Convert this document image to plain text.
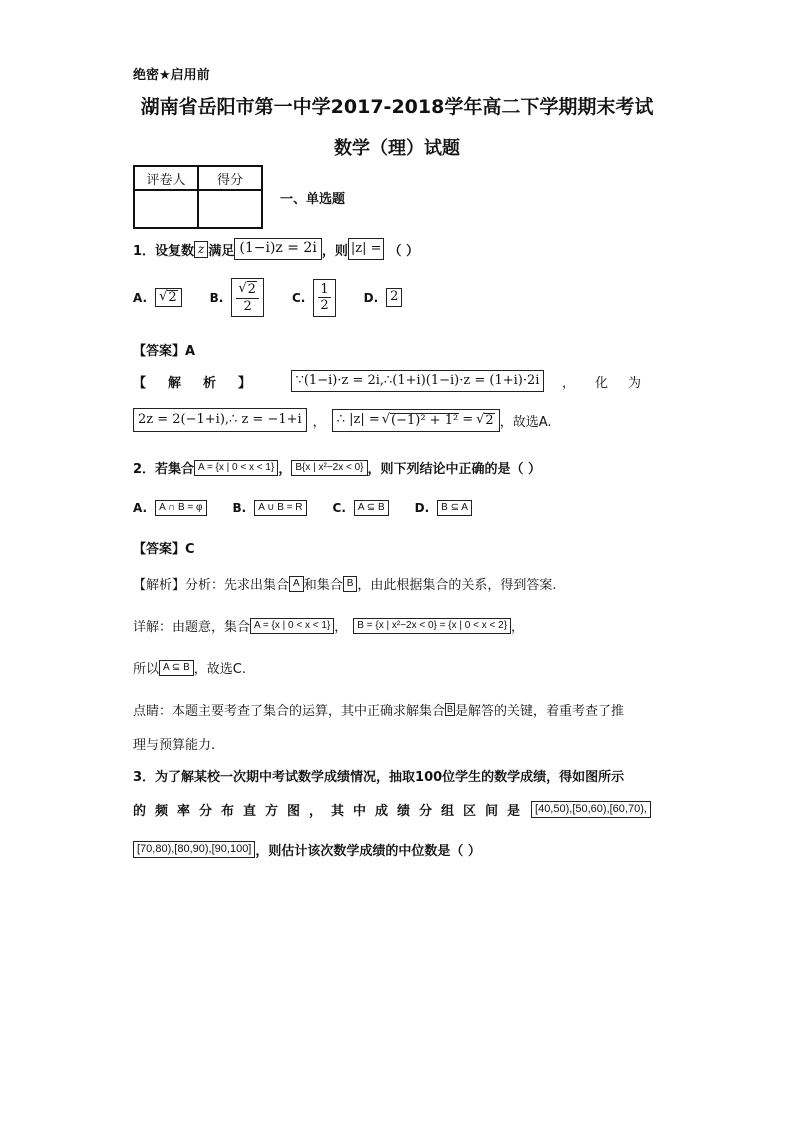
绝密★启用前
湖南省岳阳市第一中学2017-2018学年高二下学期期末考试
数学（理）试题
评卷人	得分

一、单选题
1．设复数 z 满足 (1−i)z = 2i ，则 |z| = （ ）
A. √ 2	B. $\frac{√ 2}{2}$	C. $\frac{1}{2}$	D. 2
【答案】A
【解析】	∵(1−i)·z = 2i,∴(1+i)(1−i)·z = (1+i)·2i	，化为
2z = 2(−1+i),∴ z = −1+i ， ∴ |z| = √ (−1)² + 1² = √ 2 ，故选A.
2．若集合 A = {x | 0 < x < 1} ， B{x | x²−2x < 0} ，则下列结论中正确的是（ ）
A.	A ∩ B = φ	B.	A ∪ B = R	C.	A ⊆ B	D.	B ⊆ A
【答案】C
【解析】分析：先求出集合 A 和集合 B ，由此根据集合的关系，得到答案.
详解：由题意，集合 A = {x | 0 < x < 1} ，	B = {x | x²−2x < 0} = {x | 0 < x < 2} ，
所以 A ⊆ B ，故选C.
点睛：本题主要考查了集合的运算，其中正确求解集合 B 是解答的关键，着重考查了推
理与预算能力.
3．为了解某校一次期中考试数学成绩情况，抽取100位学生的数学成绩，得如图所示
的频率分布直方图，其中成绩分组区间是 [40,50),[50,60),[60,70),
[70,80),[80,90),[90,100] ，则估计该次数学成绩的中位数是（ ）
